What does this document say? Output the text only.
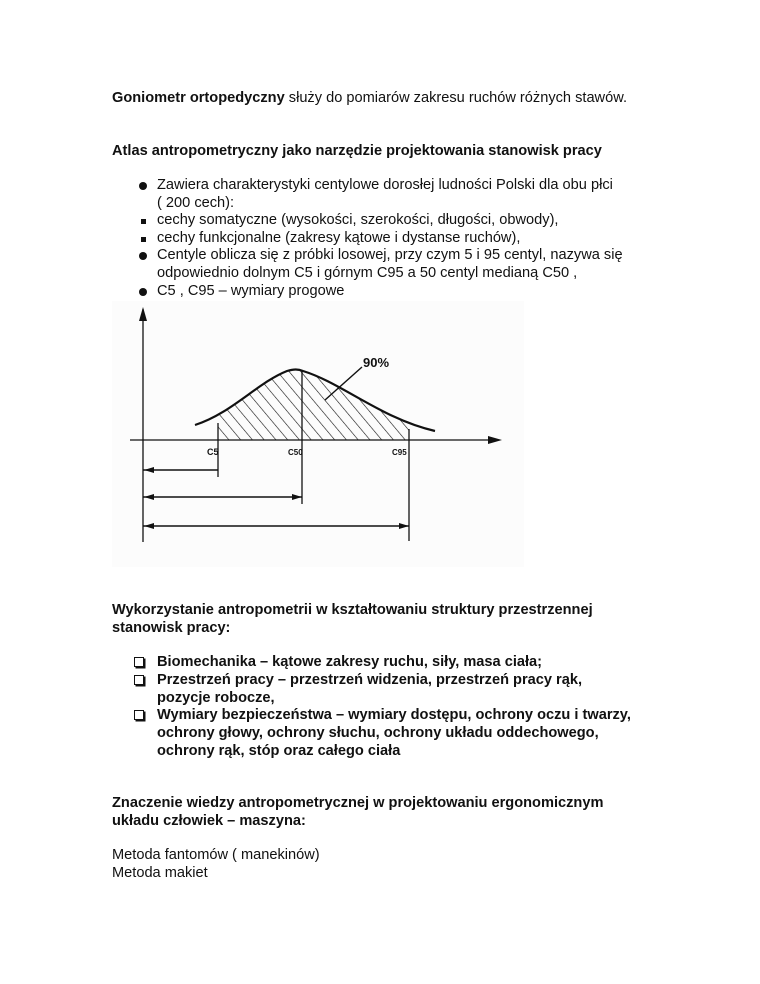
Goniometr ortopedyczny służy do pomiarów zakresu ruchów różnych stawów.
Atlas antropometryczny jako narzędzie projektowania stanowisk pracy
Zawiera charakterystyki centylowe dorosłej ludności Polski dla obu płci
( 200 cech):
cechy somatyczne (wysokości, szerokości, długości, obwody),
cechy funkcjonalne (zakresy kątowe i dystanse ruchów),
Centyle oblicza się z próbki losowej, przy czym 5 i 95 centyl, nazywa się
odpowiednio dolnym C5 i górnym C95 a 50 centyl medianą C50 ,
C5 , C95 – wymiary progowe
90%
C5	C50	C95
Wykorzystanie antropometrii w kształtowaniu struktury przestrzennej
stanowisk pracy:
Biomechanika – kątowe zakresy ruchu, siły, masa ciała;
Przestrzeń pracy – przestrzeń widzenia, przestrzeń pracy rąk,
pozycje robocze,
Wymiary bezpieczeństwa – wymiary dostępu, ochrony oczu i twarzy,
ochrony głowy, ochrony słuchu, ochrony układu oddechowego,
ochrony rąk, stóp oraz całego ciała
Znaczenie wiedzy antropometrycznej w projektowaniu ergonomicznym
układu człowiek – maszyna:
Metoda fantomów ( manekinów)
Metoda makiet
